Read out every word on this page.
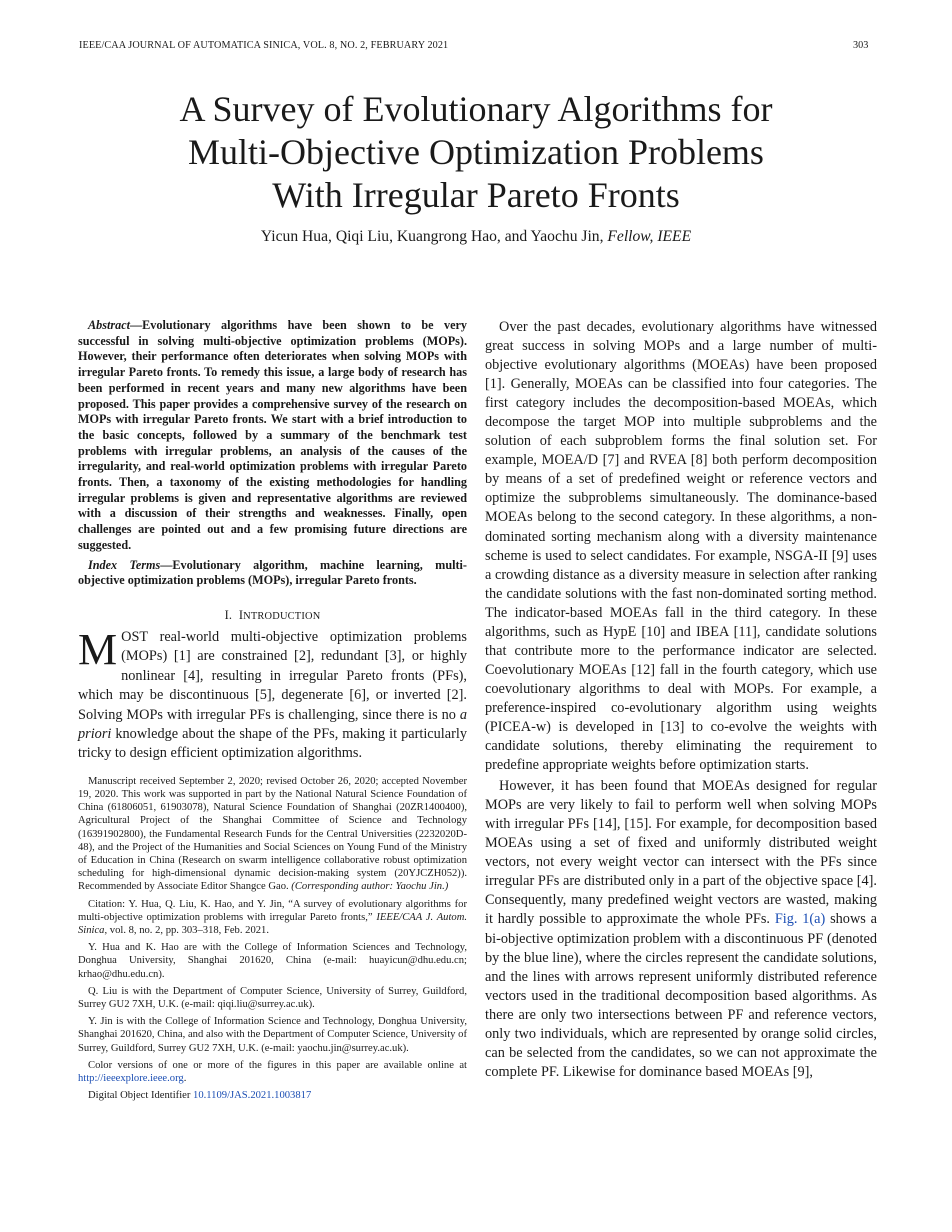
IEEE/CAA JOURNAL OF AUTOMATICA SINICA, VOL. 8, NO. 2, FEBRUARY 2021	303
A Survey of Evolutionary Algorithms for
Multi-Objective Optimization Problems
With Irregular Pareto Fronts
Yicun Hua, Qiqi Liu, Kuangrong Hao, and Yaochu Jin, Fellow, IEEE

Abstract—Evolutionary algorithms have been shown to be very successful in solving multi-objective optimization problems (MOPs). However, their performance often deteriorates when solving MOPs with irregular Pareto fronts. To remedy this issue, a large body of research has been performed in recent years and many new algorithms have been proposed. This paper provides a comprehensive survey of the research on MOPs with irregular Pareto fronts. We start with a brief introduction to the basic concepts, followed by a summary of the benchmark test problems with irregular problems, an analysis of the causes of the irregularity, and real-world optimization problems with irregular Pareto fronts. Then, a taxonomy of the existing methodologies for handling irregular problems is given and representative algorithms are reviewed with a discussion of their strengths and weaknesses. Finally, open challenges are pointed out and a few promising future directions are suggested.

Index Terms—Evolutionary algorithm, machine learning, multi-objective optimization problems (MOPs), irregular Pareto fronts.

I. INTRODUCTION

MOST real-world multi-objective optimization problems (MOPs) [1] are constrained [2], redundant [3], or highly nonlinear [4], resulting in irregular Pareto fronts (PFs), which may be discontinuous [5], degenerate [6], or inverted [2]. Solving MOPs with irregular PFs is challenging, since there is no a priori knowledge about the shape of the PFs, making it particularly tricky to design efficient optimization algorithms.

Manuscript received September 2, 2020; revised October 26, 2020; accepted November 19, 2020. This work was supported in part by the National Natural Science Foundation of China (61806051, 61903078), Natural Science Foundation of Shanghai (20ZR1400400), Agricultural Project of the Shanghai Committee of Science and Technology (16391902800), the Fundamental Research Funds for the Central Universities (2232020D-48), and the Project of the Humanities and Social Sciences on Young Fund of the Ministry of Education in China (Research on swarm intelligence collaborative robust optimization scheduling for high-dimensional dynamic decision-making system (20YJCZH052)). Recommended by Associate Editor Shangce Gao. (Corresponding author: Yaochu Jin.)

Citation: Y. Hua, Q. Liu, K. Hao, and Y. Jin, “A survey of evolutionary algorithms for multi-objective optimization problems with irregular Pareto fronts,” IEEE/CAA J. Autom. Sinica, vol. 8, no. 2, pp. 303–318, Feb. 2021.

Y. Hua and K. Hao are with the College of Information Sciences and Technology, Donghua University, Shanghai 201620, China (e-mail: huayicun@dhu.edu.cn; krhao@dhu.edu.cn).

Q. Liu is with the Department of Computer Science, University of Surrey, Guildford, Surrey GU2 7XH, U.K. (e-mail: qiqi.liu@surrey.ac.uk).

Y. Jin is with the College of Information Science and Technology, Donghua University, Shanghai 201620, China, and also with the Department of Computer Science, University of Surrey, Guildford, Surrey GU2 7XH, U.K. (e-mail: yaochu.jin@surrey.ac.uk).

Color versions of one or more of the figures in this paper are available online at http://ieeexplore.ieee.org.

Digital Object Identifier 10.1109/JAS.2021.1003817

Over the past decades, evolutionary algorithms have witnessed great success in solving MOPs and a large number of multi-objective evolutionary algorithms (MOEAs) have been proposed [1]. Generally, MOEAs can be classified into four categories. The first category includes the decomposition-based MOEAs, which decompose the target MOP into multiple subproblems and the solution of each subproblem forms the final solution set. For example, MOEA/D [7] and RVEA [8] both perform decomposition by means of a set of predefined weight or reference vectors and optimize the subproblems simultaneously. The dominance-based MOEAs belong to the second category. In these algorithms, a non-dominated sorting mechanism along with a diversity maintenance scheme is used to select candidates. For example, NSGA-II [9] uses a crowding distance as a diversity measure in selection after ranking the candidate solutions with the fast non-dominated sorting method. The indicator-based MOEAs fall in the third category. In these algorithms, such as HypE [10] and IBEA [11], candidate solutions that contribute more to the performance indicator are selected. Coevolutionary MOEAs [12] fall in the fourth category, which use coevolutionary algorithms to deal with MOPs. For example, a preference-inspired co-evolutionary algorithm using weights (PICEA-w) is developed in [13] to co-evolve the weights with candidate solutions, thereby eliminating the requirement to predefine appropriate weights before optimization starts.

However, it has been found that MOEAs designed for regular MOPs are very likely to fail to perform well when solving MOPs with irregular PFs [14], [15]. For example, for decomposition based MOEAs using a set of fixed and uniformly distributed weight vectors, not every weight vector can intersect with the PFs since irregular PFs are distributed only in a part of the objective space [4]. Consequently, many predefined weight vectors are wasted, making it hardly possible to approximate the whole PFs. Fig. 1(a) shows a bi-objective optimization problem with a discontinuous PF (denoted by the blue line), where the circles represent the candidate solutions, and the lines with arrows represent uniformly distributed reference vectors used in the traditional decomposition based algorithms. As there are only two intersections between PF and reference vectors, only two individuals, which are represented by orange solid circles, can be selected from the candidates, so we can not approximate the complete PF. Likewise for dominance based MOEAs [9],
